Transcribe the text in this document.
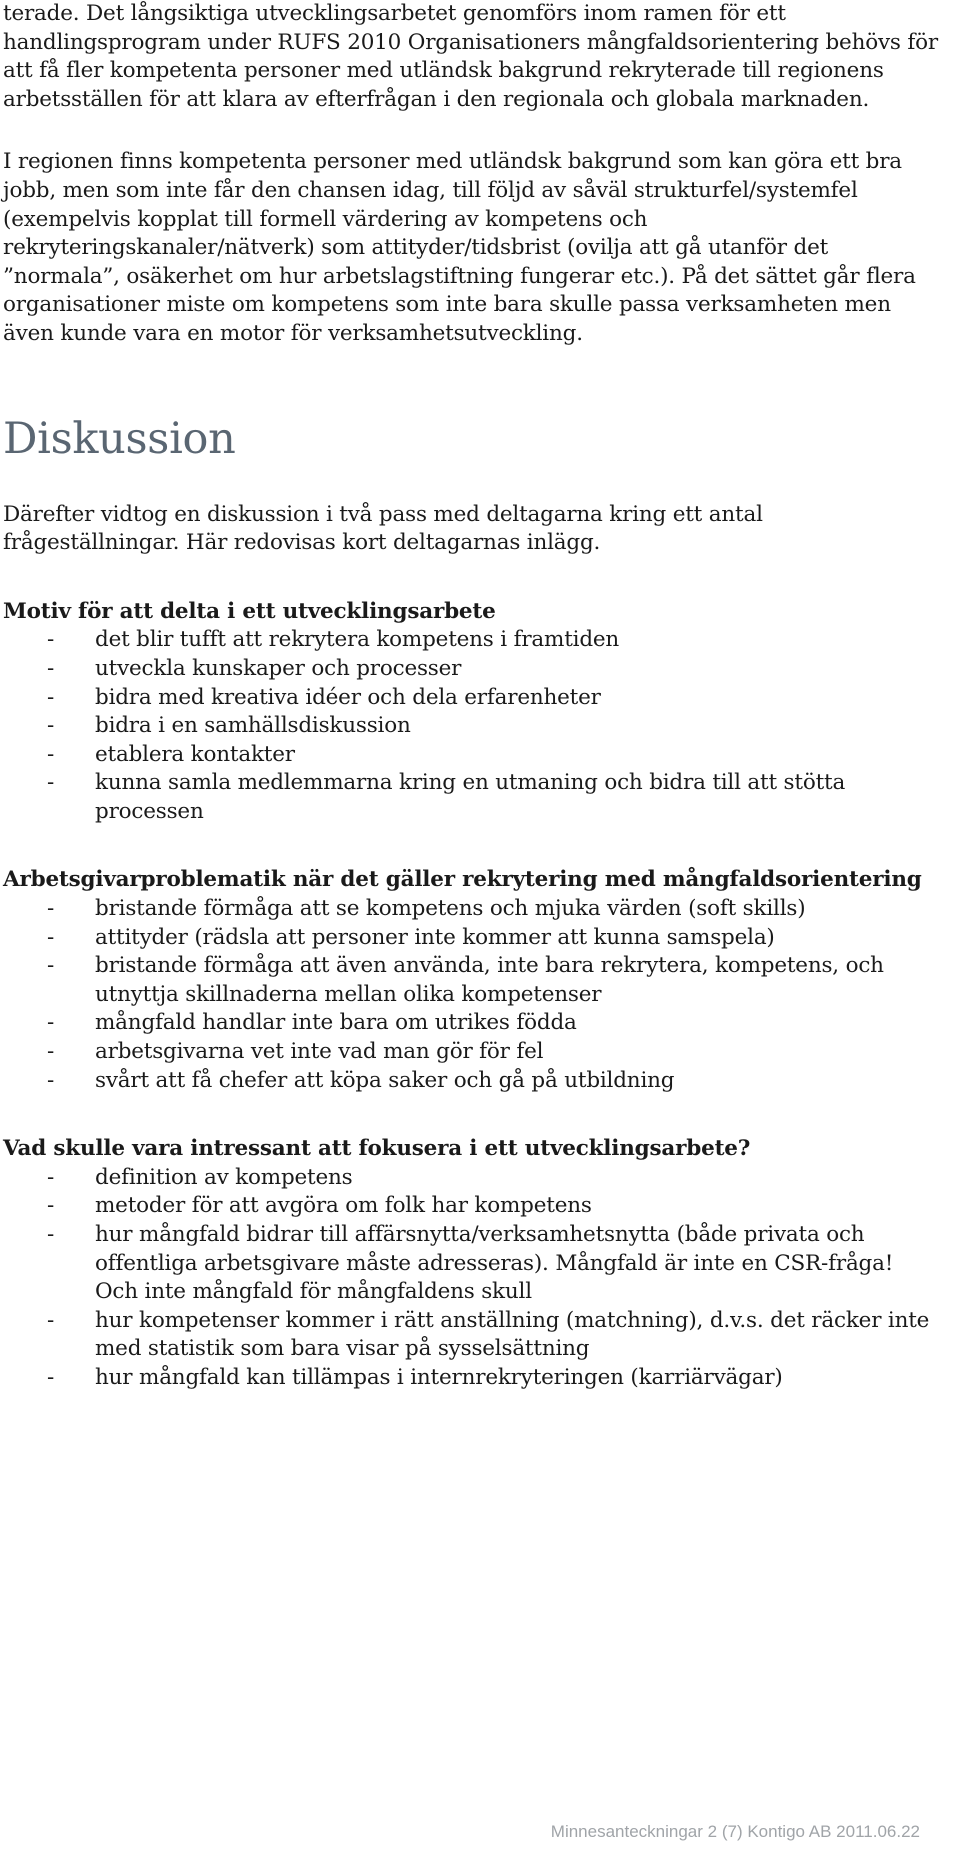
terade. Det långsiktiga utvecklingsarbetet genomförs inom ramen för ett handlingsprogram under RUFS 2010 Organisationers mångfaldsorientering behövs för att få fler kompetenta personer med utländsk bakgrund rekryterade till regionens arbetsställen för att klara av efterfrågan i den regionala och globala marknaden.

I regionen finns kompetenta personer med utländsk bakgrund som kan göra ett bra jobb, men som inte får den chansen idag, till följd av såväl strukturfel/systemfel (exempelvis kopplat till formell värdering av kompetens och rekryteringskanaler/nätverk) som attityder/tidsbrist (ovilja att gå utanför det ”normala”, osäkerhet om hur arbetslagstiftning fungerar etc.). På det sättet går flera organisationer miste om kompetens som inte bara skulle passa verksamheten men även kunde vara en motor för verksamhetsutveckling.

Diskussion

Därefter vidtog en diskussion i två pass med deltagarna kring ett antal frågeställningar. Här redovisas kort deltagarnas inlägg.

Motiv för att delta i ett utvecklingsarbete
- det blir tufft att rekrytera kompetens i framtiden
- utveckla kunskaper och processer
- bidra med kreativa idéer och dela erfarenheter
- bidra i en samhällsdiskussion
- etablera kontakter
- kunna samla medlemmarna kring en utmaning och bidra till att stötta processen
Arbetsgivarproblematik när det gäller rekrytering med mångfaldsorientering
- bristande förmåga att se kompetens och mjuka värden (soft skills)
- attityder (rädsla att personer inte kommer att kunna samspela)
- bristande förmåga att även använda, inte bara rekrytera, kompetens, och utnyttja skillnaderna mellan olika kompetenser
- mångfald handlar inte bara om utrikes födda
- arbetsgivarna vet inte vad man gör för fel
- svårt att få chefer att köpa saker och gå på utbildning
Vad skulle vara intressant att fokusera i ett utvecklingsarbete?
- definition av kompetens
- metoder för att avgöra om folk har kompetens
- hur mångfald bidrar till affärsnytta/verksamhetsnytta (både privata och offentliga arbetsgivare måste adresseras). Mångfald är inte en CSR-fråga! Och inte mångfald för mångfaldens skull
- hur kompetenser kommer i rätt anställning (matchning), d.v.s. det räcker inte med statistik som bara visar på sysselsättning
- hur mångfald kan tillämpas i internrekryteringen (karriärvägar)
Minnesanteckningar 2 (7) Kontigo AB 2011.06.22
